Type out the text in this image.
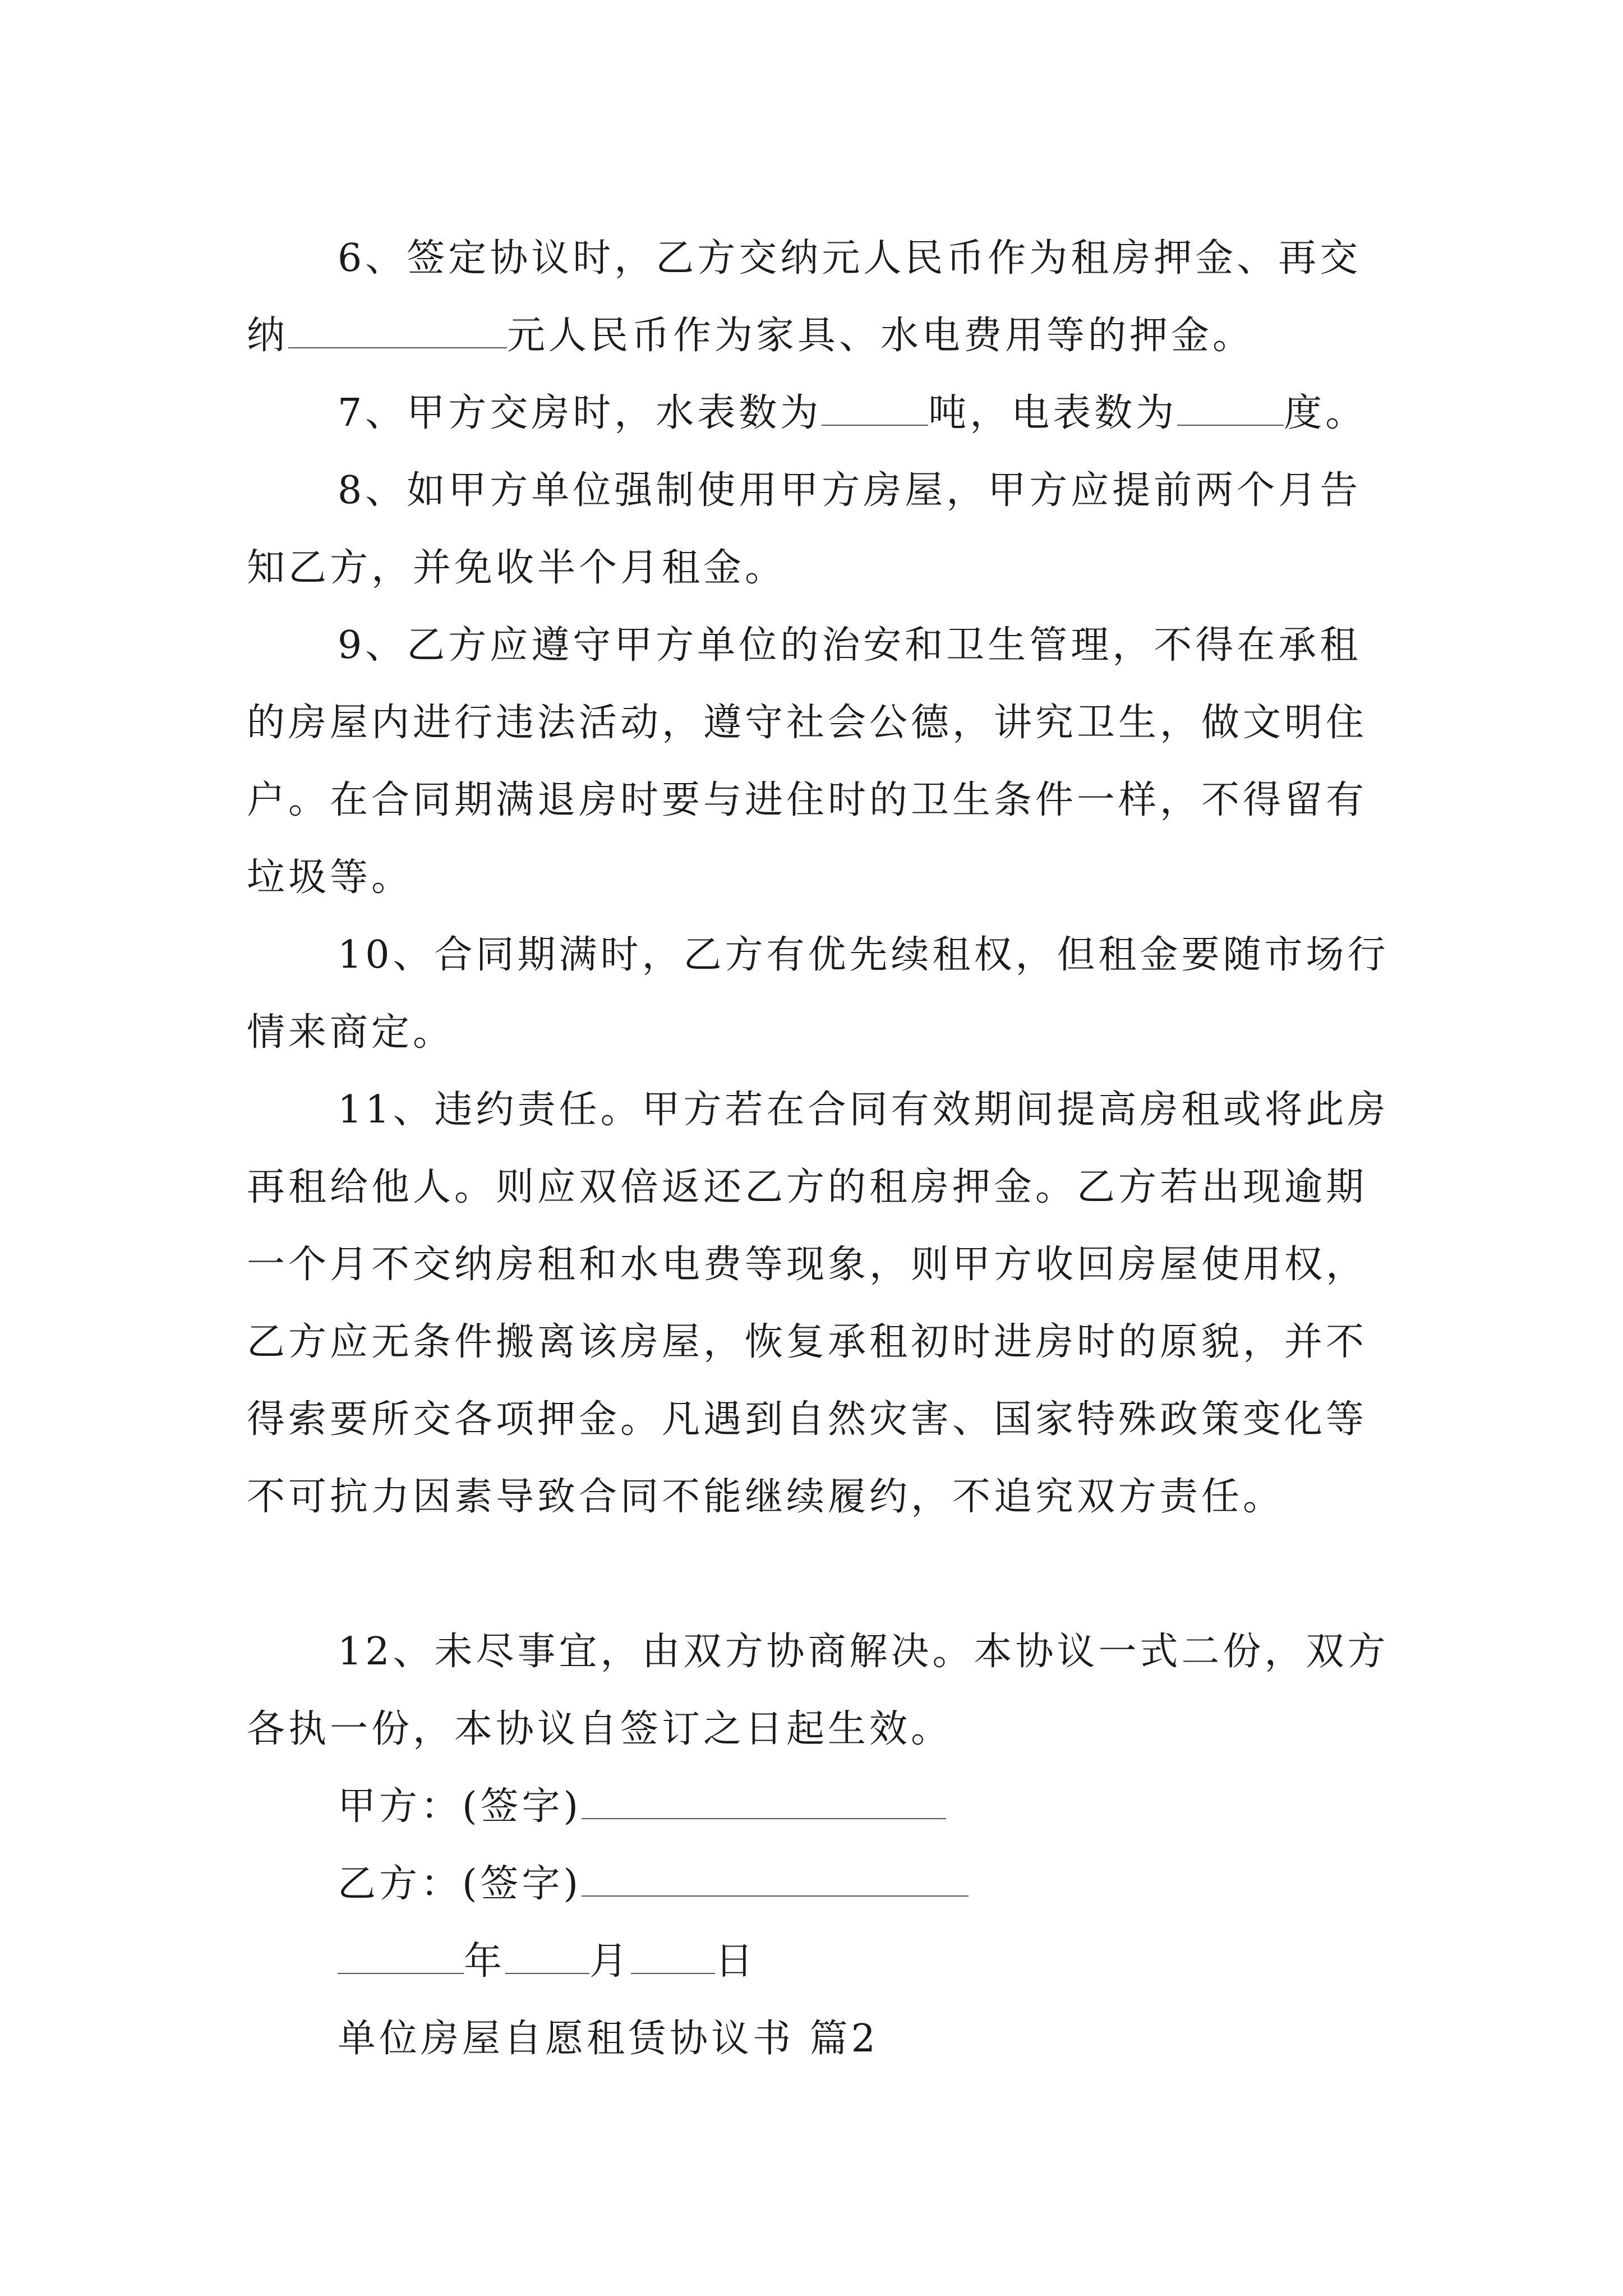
6、签定协议时，乙方交纳元人民币作为租房押金、再交纳	元人民币作为家具、水电费用等的押金。

7、甲方交房时，水表数为	吨，电表数为	度。

8、如甲方单位强制使用甲方房屋，甲方应提前两个月告知乙方，并免收半个月租金。

9、乙方应遵守甲方单位的治安和卫生管理，不得在承租的房屋内进行违法活动，遵守社会公德，讲究卫生，做文明住户。在合同期满退房时要与进住时的卫生条件一样，不得留有垃圾等。

10、合同期满时，乙方有优先续租权，但租金要随市场行情来商定。

11、违约责任。甲方若在合同有效期间提高房租或将此房再租给他人。则应双倍返还乙方的租房押金。乙方若出现逾期一个月不交纳房租和水电费等现象，则甲方收回房屋使用权，乙方应无条件搬离该房屋，恢复承租初时进房时的原貌，并不得索要所交各项押金。凡遇到自然灾害、国家特殊政策变化等不可抗力因素导致合同不能继续履约，不追究双方责任。

12、未尽事宜，由双方协商解决。本协议一式二份，双方各执一份，本协议自签订之日起生效。

甲方：(签字)
乙方：(签字)
年 月 日
单位房屋自愿租赁协议书 篇2
